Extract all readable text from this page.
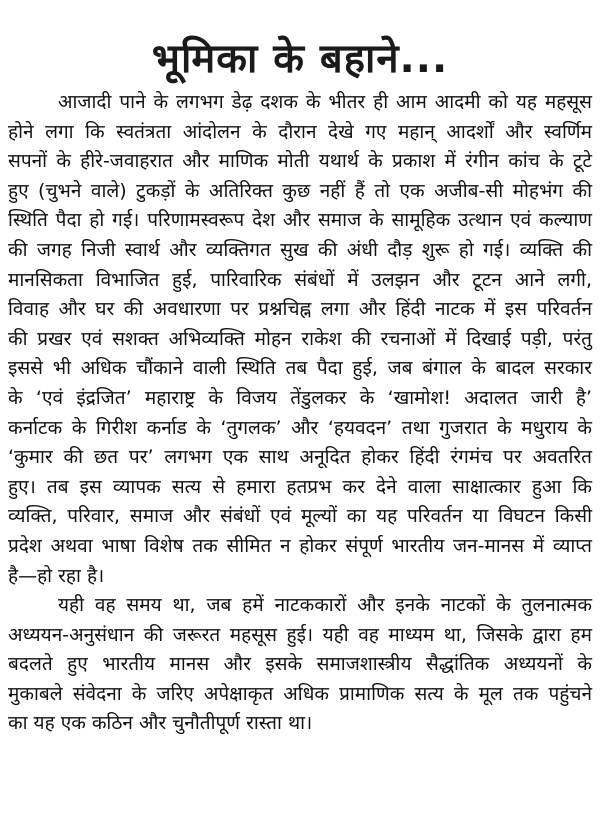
भूमिका के बहाने...
आजादी पाने के लगभग डेढ़ दशक के भीतर ही आम आदमी को यह महसूस
होने लगा कि स्वतंत्रता आंदोलन के दौरान देखे गए महान् आदर्शों और स्वर्णिम
सपनों के हीरे-जवाहरात और माणिक मोती यथार्थ के प्रकाश में रंगीन कांच के टूटे
हुए (चुभने वाले) टुकड़ों के अतिरिक्त कुछ नहीं हैं तो एक अजीब-सी मोहभंग की
स्थिति पैदा हो गई। परिणामस्वरूप देश और समाज के सामूहिक उत्थान एवं कल्याण
की जगह निजी स्वार्थ और व्यक्तिगत सुख की अंधी दौड़ शुरू हो गई। व्यक्ति की
मानसिकता विभाजित हुई, पारिवारिक संबंधों में उलझन और टूटन आने लगी,
विवाह और घर की अवधारणा पर प्रश्नचिह्न लगा और हिंदी नाटक में इस परिवर्तन
की प्रखर एवं सशक्त अभिव्यक्ति मोहन राकेश की रचनाओं में दिखाई पड़ी, परंतु
इससे भी अधिक चौंकाने वाली स्थिति तब पैदा हुई, जब बंगाल के बादल सरकार
के ‘एवं इंद्रजित’ महाराष्ट्र के विजय तेंडुलकर के ‘खामोश! अदालत जारी है’
कर्नाटक के गिरीश कर्नाड के ‘तुगलक’ और ‘हयवदन’ तथा गुजरात के मधुराय के
‘कुमार की छत पर’ लगभग एक साथ अनूदित होकर हिंदी रंगमंच पर अवतरित
हुए। तब इस व्यापक सत्य से हमारा हतप्रभ कर देने वाला साक्षात्कार हुआ कि
व्यक्ति, परिवार, समाज और संबंधों एवं मूल्यों का यह परिवर्तन या विघटन किसी
प्रदेश अथवा भाषा विशेष तक सीमित न होकर संपूर्ण भारतीय जन-मानस में व्याप्त
है—हो रहा है।
यही वह समय था, जब हमें नाटककारों और इनके नाटकों के तुलनात्मक
अध्ययन-अनुसंधान की जरूरत महसूस हुई। यही वह माध्यम था, जिसके द्वारा हम
बदलते हुए भारतीय मानस और इसके समाजशास्त्रीय सैद्धांतिक अध्ययनों के
मुकाबले संवेदना के जरिए अपेक्षाकृत अधिक प्रामाणिक सत्य के मूल तक पहुंचने
का यह एक कठिन और चुनौतीपूर्ण रास्ता था।
